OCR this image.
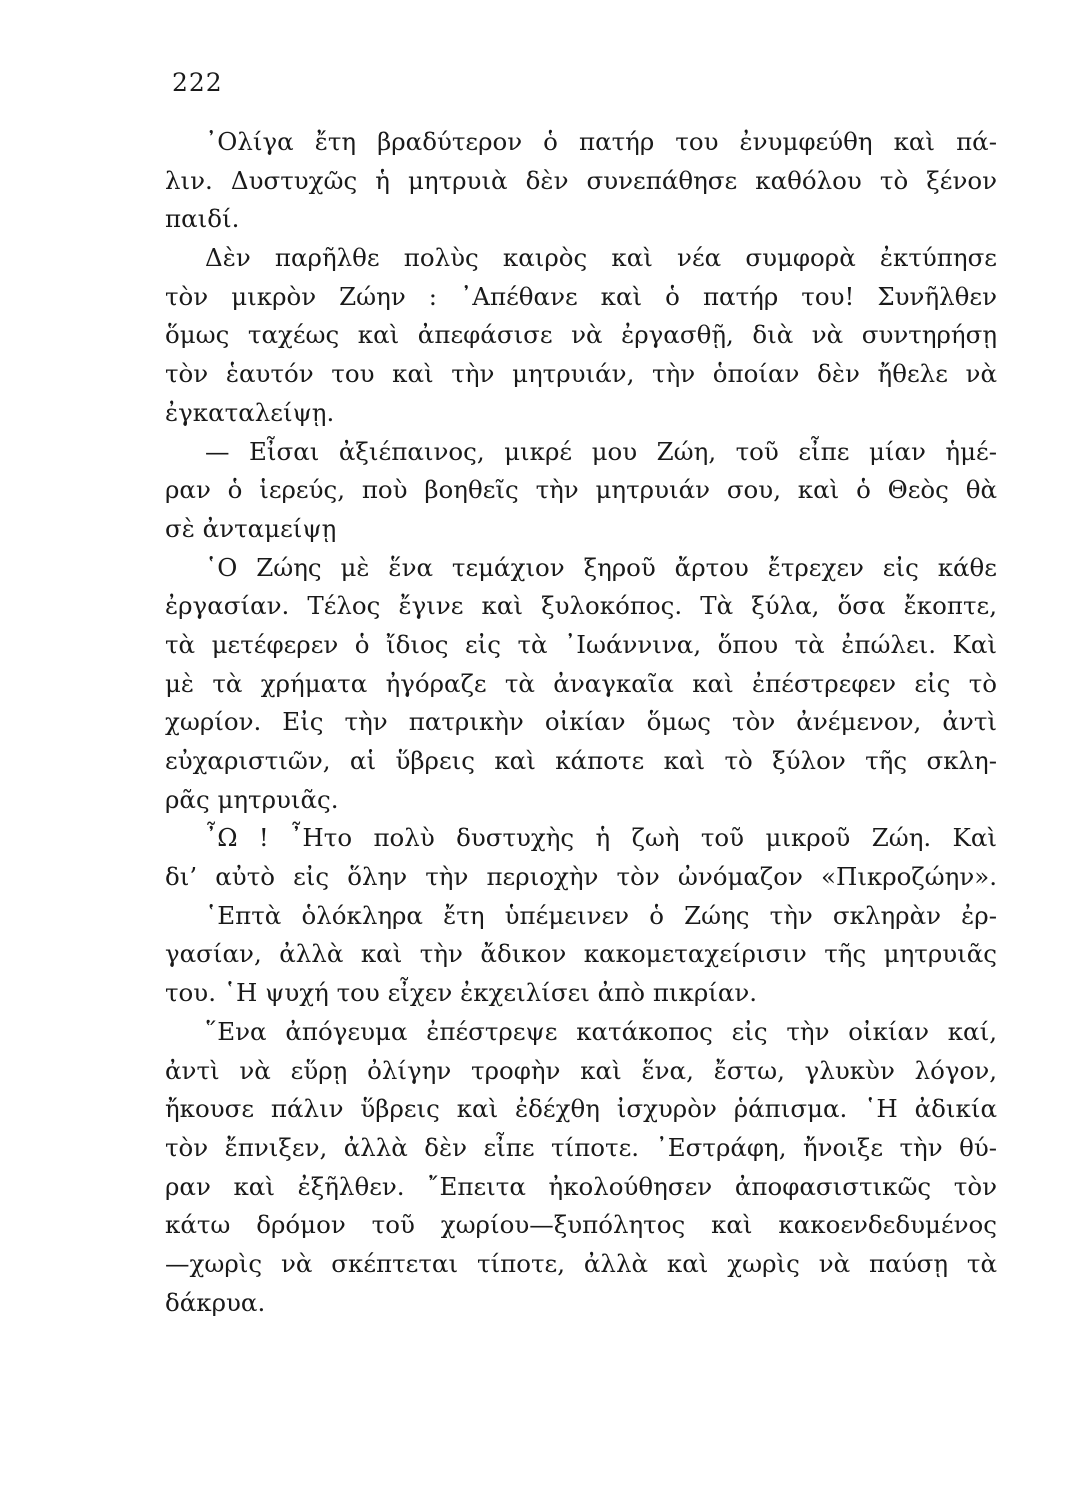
222
᾿Ολίγα ἔτη βραδύτερον ὁ πατήρ του ἐνυμφεύθη καὶ πά-
λιν. Δυστυχῶς ἡ μητρυιὰ δὲν συνεπάθησε καθόλου τὸ ξένον
παιδί.
Δὲν παρῆλθε πολὺς καιρὸς καὶ νέα συμφορὰ ἐκτύπησε
τὸν μικρὸν Ζώην : ᾿Απέθανε καὶ ὁ πατήρ του! Συνῆλθεν
ὅμως ταχέως καὶ ἀπεφάσισε νὰ ἐργασθῇ, διὰ νὰ συντηρήσῃ
τὸν ἑαυτόν του καὶ τὴν μητρυιάν, τὴν ὁποίαν δὲν ἤθελε νὰ
ἐγκαταλείψῃ.
— Εἶσαι ἀξιέπαινος, μικρέ μου Ζώη, τοῦ εἶπε μίαν ἡμέ-
ραν ὁ ἱερεύς, ποὺ βοηθεῖς τὴν μητρυιάν σου, καὶ ὁ Θεὸς θὰ
σὲ ἀνταμείψῃ
῾Ο Ζώης μὲ ἕνα τεμάχιον ξηροῦ ἄρτου ἔτρεχεν εἰς κάθε
ἐργασίαν. Τέλος ἔγινε καὶ ξυλοκόπος. Τὰ ξύλα, ὅσα ἔκοπτε,
τὰ μετέφερεν ὁ ἴδιος εἰς τὰ ᾿Ιωάννινα, ὅπου τὰ ἐπώλει. Καὶ
μὲ τὰ χρήματα ἠγόραζε τὰ ἀναγκαῖα καὶ ἐπέστρεφεν εἰς τὸ
χωρίον. Εἰς τὴν πατρικὴν οἰκίαν ὅμως τὸν ἀνέμενον, ἀντὶ
εὐχαριστιῶν, αἱ ὕβρεις καὶ κάποτε καὶ τὸ ξύλον τῆς σκλη-
ρᾶς μητρυιᾶς.
῏Ω ! ῏Ητο πολὺ δυστυχὴς ἡ ζωὴ τοῦ μικροῦ Ζώη. Καὶ
δι’ αὐτὸ εἰς ὅλην τὴν περιοχὴν τὸν ὠνόμαζον «Πικροζώην».
῾Επτὰ ὁλόκληρα ἔτη ὑπέμεινεν ὁ Ζώης τὴν σκληρὰν ἐρ-
γασίαν, ἀλλὰ καὶ τὴν ἄδικον κακομεταχείρισιν τῆς μητρυιᾶς
του. ῾Η ψυχή του εἶχεν ἐκχειλίσει ἀπὸ πικρίαν.
῞Ενα ἀπόγευμα ἐπέστρεψε κατάκοπος εἰς τὴν οἰκίαν καί,
ἀντὶ νὰ εὕρῃ ὀλίγην τροφὴν καὶ ἕνα, ἔστω, γλυκὺν λόγον,
ἤκουσε πάλιν ὕβρεις καὶ ἐδέχθη ἰσχυρὸν ῥάπισμα. ῾Η ἀδικία
τὸν ἔπνιξεν, ἀλλὰ δὲν εἶπε τίποτε. ᾿Εστράφη, ἤνοιξε τὴν θύ-
ραν καὶ ἐξῆλθεν. ῎Επειτα ἠκολούθησεν ἀποφασιστικῶς τὸν
κάτω δρόμον τοῦ χωρίου—ξυπόλητος καὶ κακοενδεδυμένος
—χωρὶς νὰ σκέπτεται τίποτε, ἀλλὰ καὶ χωρὶς νὰ παύσῃ τὰ
δάκρυα.
